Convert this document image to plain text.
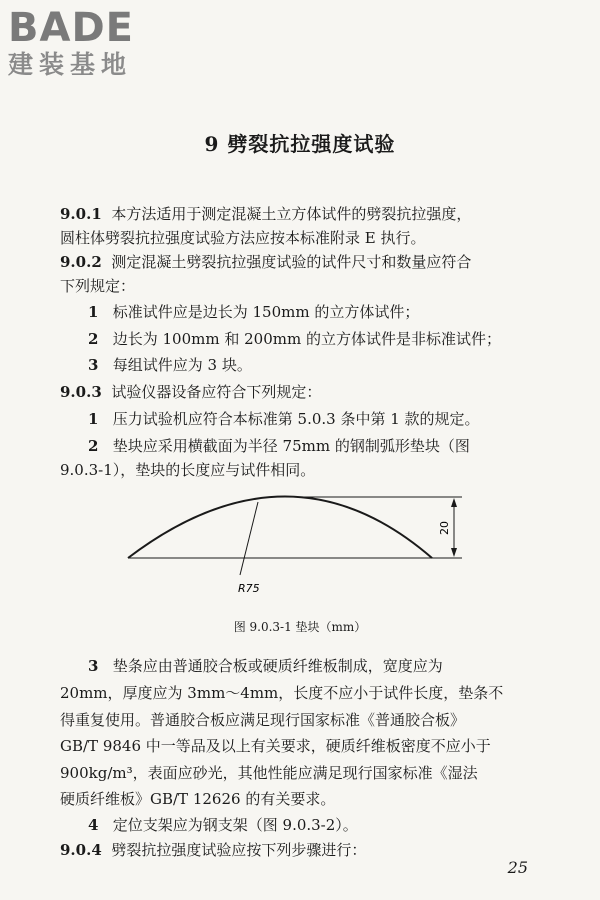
BADE
建装基地
9 劈裂抗拉强度试验
9.0.1 本方法适用于测定混凝土立方体试件的劈裂抗拉强度，
圆柱体劈裂抗拉强度试验方法应按本标准附录 E 执行。
9.0.2 测定混凝土劈裂抗拉强度试验的试件尺寸和数量应符合
下列规定：
1 标准试件应是边长为 150mm 的立方体试件；
2 边长为 100mm 和 200mm 的立方体试件是非标准试件；
3 每组试件应为 3 块。
9.0.3 试验仪器设备应符合下列规定：
1 压力试验机应符合本标准第 5.0.3 条中第 1 款的规定。
2 垫块应采用横截面为半径 75mm 的钢制弧形垫块（图
9.0.3-1），垫块的长度应与试件相同。
20
R75
图 9.0.3-1 垫块（mm）
3 垫条应由普通胶合板或硬质纤维板制成，宽度应为
20mm，厚度应为 3mm～4mm，长度不应小于试件长度，垫条不
得重复使用。普通胶合板应满足现行国家标准《普通胶合板》
GB/T 9846 中一等品及以上有关要求，硬质纤维板密度不应小于
900kg/m³，表面应砂光，其他性能应满足现行国家标准《湿法
硬质纤维板》GB/T 12626 的有关要求。
4 定位支架应为钢支架（图 9.0.3-2）。
9.0.4 劈裂抗拉强度试验应按下列步骤进行：
25
